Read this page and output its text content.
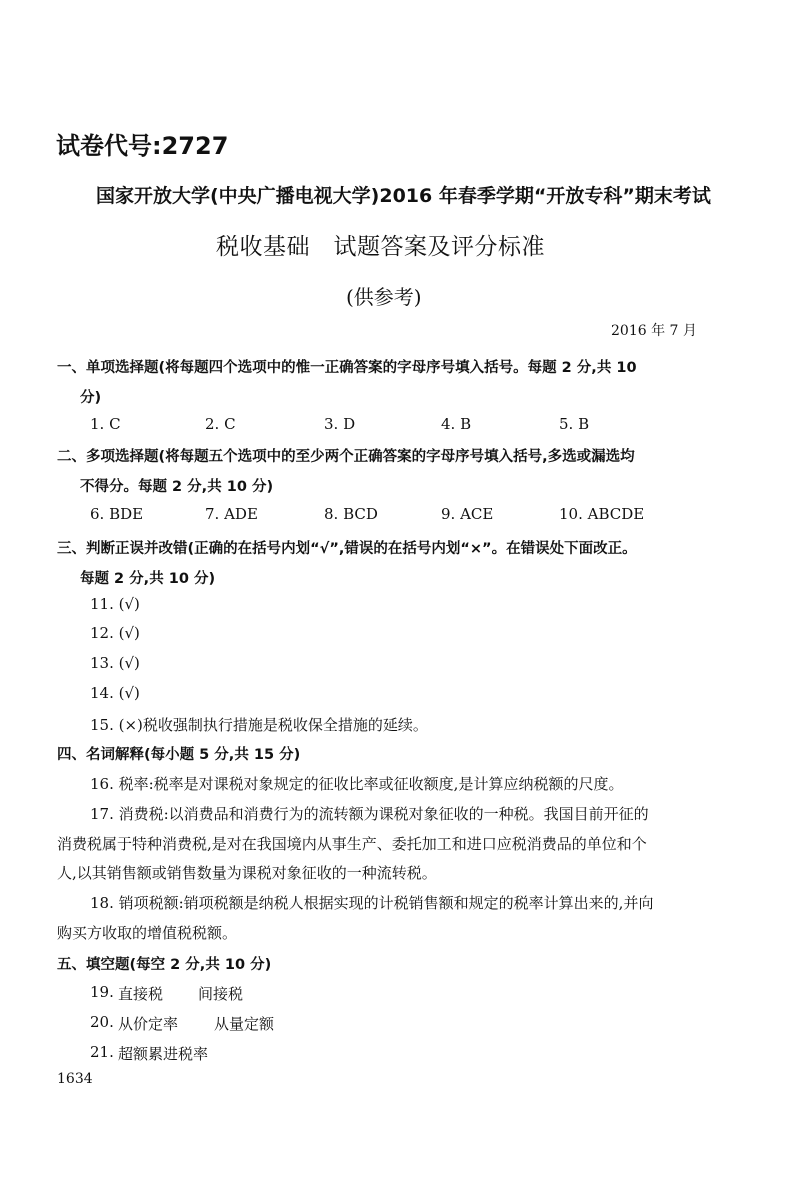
试卷代号:2727
国家开放大学(中央广播电视大学)2016 年春季学期“开放专科”期末考试
税收基础　试题答案及评分标准
(供参考)
2016 年 7 月
一、单项选择题(将每题四个选项中的惟一正确答案的字母序号填入括号。每题 2 分,共 10
分)
1. C	2. C	3. D	4. B	5. B
二、多项选择题(将每题五个选项中的至少两个正确答案的字母序号填入括号,多选或漏选均
不得分。每题 2 分,共 10 分)
6. BDE	7. ADE	8. BCD	9. ACE	10. ABCDE
三、判断正误并改错(正确的在括号内划“√”,错误的在括号内划“×”。在错误处下面改正。
每题 2 分,共 10 分)
11. (√)
12. (√)
13. (√)
14. (√)
15. (×)税收强制执行措施是税收保全措施的延续。
四、名词解释(每小题 5 分,共 15 分)
16. 税率:税率是对课税对象规定的征收比率或征收额度,是计算应纳税额的尺度。
17. 消费税:以消费品和消费行为的流转额为课税对象征收的一种税。我国目前开征的
消费税属于特种消费税,是对在我国境内从事生产、委托加工和进口应税消费品的单位和个
人,以其销售额或销售数量为课税对象征收的一种流转税。
18. 销项税额:销项税额是纳税人根据实现的计税销售额和规定的税率计算出来的,并向
购买方收取的增值税税额。
五、填空题(每空 2 分,共 10 分)
19. 直接税 间接税
20. 从价定率 从量定额
21. 超额累进税率
1634
